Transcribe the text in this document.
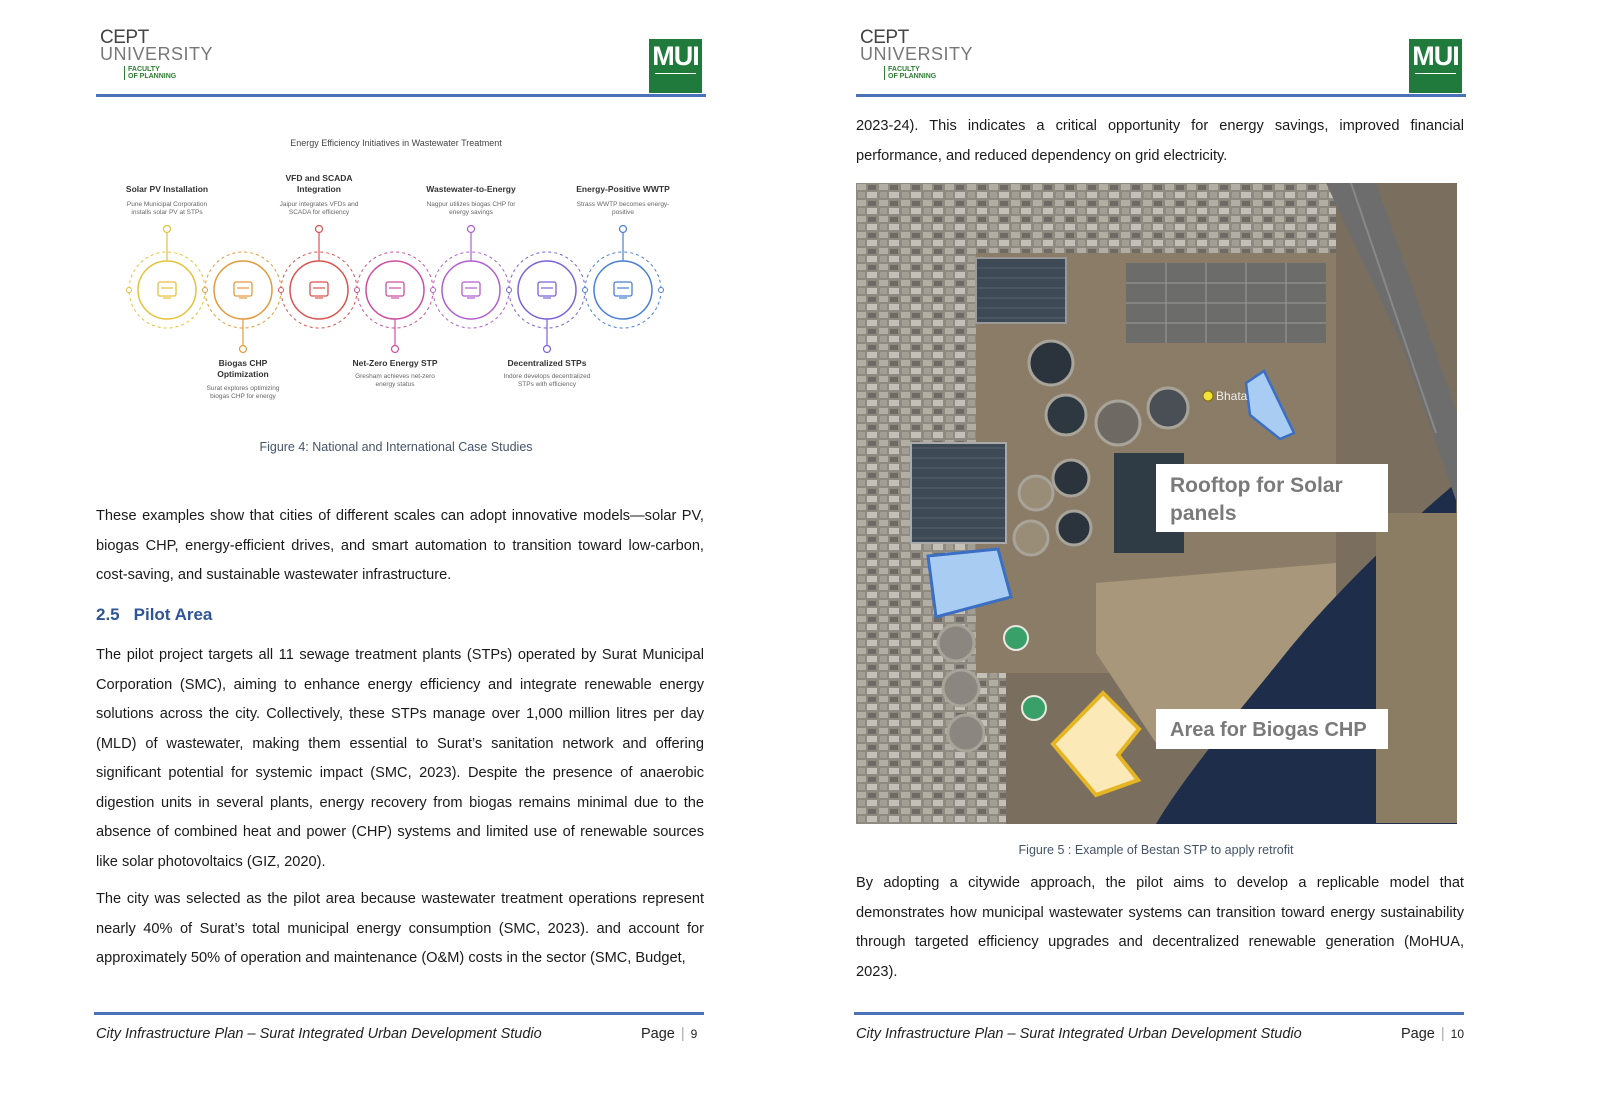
CEPT
UNIVERSITY
FACULTY
OF PLANNING
MUI

Energy Efficiency Initiatives in Wastewater Treatment
Solar PV Installation
Pune Municipal Corporation
installs solar PV at STPs
VFD and SCADA
Integration
Jaipur integrates VFDs and
SCADA for efficiency
Wastewater-to-Energy
Nagpur utilizes biogas CHP for
energy savings
Energy-Positive WWTP
Strass WWTP becomes energy-
positive
Biogas CHP
Optimization
Surat explores optimizing
biogas CHP for energy
Net-Zero Energy STP
Gresham achieves net-zero
energy status
Decentralized STPs
Indore develops decentralized
STPs with efficiency
Figure 4: National and International Case Studies
These examples show that cities of different scales can adopt innovative models—solar PV, biogas CHP, energy-efficient drives, and smart automation to transition toward low-carbon, cost-saving, and sustainable wastewater infrastructure.
2.5 Pilot Area
The pilot project targets all 11 sewage treatment plants (STPs) operated by Surat Municipal Corporation (SMC), aiming to enhance energy efficiency and integrate renewable energy solutions across the city. Collectively, these STPs manage over 1,000 million litres per day (MLD) of wastewater, making them essential to Surat’s sanitation network and offering significant potential for systemic impact (SMC, 2023). Despite the presence of anaerobic digestion units in several plants, energy recovery from biogas remains minimal due to the absence of combined heat and power (CHP) systems and limited use of renewable sources like solar photovoltaics (GIZ, 2020).
The city was selected as the pilot area because wastewater treatment operations represent nearly 40% of Surat’s total municipal energy consumption (SMC, 2023). and account for approximately 50% of operation and maintenance (O&M) costs in the sector (SMC, Budget,
City Infrastructure Plan – Surat Integrated Urban Development Studio	Page | 9
CEPT
UNIVERSITY
FACULTY
OF PLANNING
MUI

2023-24). This indicates a critical opportunity for energy savings, improved financial performance, and reduced dependency on grid electricity.
Bhata
Rooftop for Solar
panels
Area for Biogas CHP
Figure 5 : Example of Bestan STP to apply retrofit
By adopting a citywide approach, the pilot aims to develop a replicable model that demonstrates how municipal wastewater systems can transition toward energy sustainability through targeted efficiency upgrades and decentralized renewable generation (MoHUA, 2023).
City Infrastructure Plan – Surat Integrated Urban Development Studio	Page | 10
